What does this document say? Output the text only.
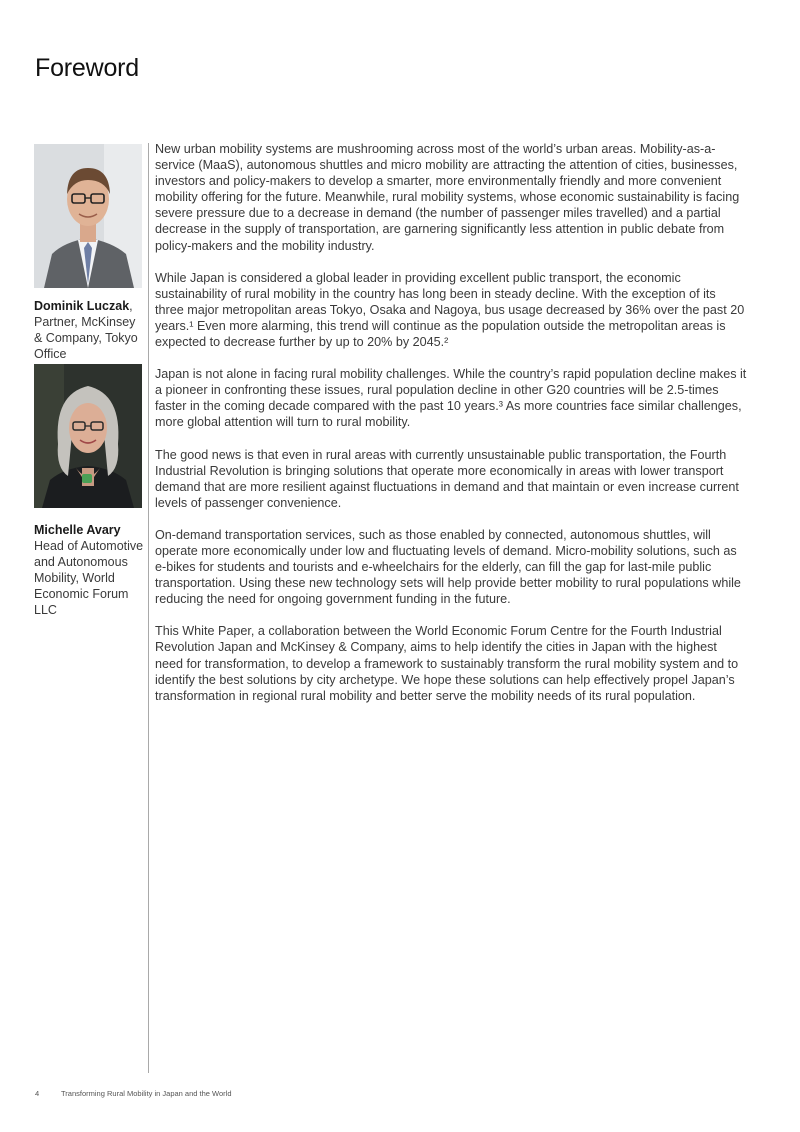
Foreword
Dominik Luczak, Partner, McKinsey & Company, Tokyo Office
Michelle Avary
Head of Automotive and Autonomous Mobility, World Economic Forum LLC

New urban mobility systems are mushrooming across most of the world’s urban areas. Mobility-as-a-service (MaaS), autonomous shuttles and micro mobility are attracting the attention of cities, businesses, investors and policy-makers to develop a smarter, more environmentally friendly and more convenient mobility offering for the future. Meanwhile, rural mobility systems, whose economic sustainability is facing severe pressure due to a decrease in demand (the number of passenger miles travelled) and a partial decrease in the supply of transportation, are garnering significantly less attention in public debate from policy-makers and the mobility industry.

While Japan is considered a global leader in providing excellent public transport, the economic sustainability of rural mobility in the country has long been in steady decline. With the exception of its three major metropolitan areas Tokyo, Osaka and Nagoya, bus usage decreased by 36% over the past 20 years.¹ Even more alarming, this trend will continue as the population outside the metropolitan areas is expected to decrease further by up to 20% by 2045.²

Japan is not alone in facing rural mobility challenges. While the country’s rapid population decline makes it a pioneer in confronting these issues, rural population decline in other G20 countries will be 2.5-times faster in the coming decade compared with the past 10 years.³ As more countries face similar challenges, more global attention will turn to rural mobility.

The good news is that even in rural areas with currently unsustainable public transportation, the Fourth Industrial Revolution is bringing solutions that operate more economically in areas with lower transport demand that are more resilient against fluctuations in demand and that maintain or even increase current levels of passenger convenience.

On-demand transportation services, such as those enabled by connected, autonomous shuttles, will operate more economically under low and fluctuating levels of demand. Micro-mobility solutions, such as e-bikes for students and tourists and e-wheelchairs for the elderly, can fill the gap for last-mile public transportation. Using these new technology sets will help provide better mobility to rural populations while reducing the need for ongoing government funding in the future.

This White Paper, a collaboration between the World Economic Forum Centre for the Fourth Industrial Revolution Japan and McKinsey & Company, aims to help identify the cities in Japan with the highest need for transformation, to develop a framework to sustainably transform the rural mobility system and to identify the best solutions by city archetype. We hope these solutions can help effectively propel Japan’s transformation in regional rural mobility and better serve the mobility needs of its rural population.

4	Transforming Rural Mobility in Japan and the World
